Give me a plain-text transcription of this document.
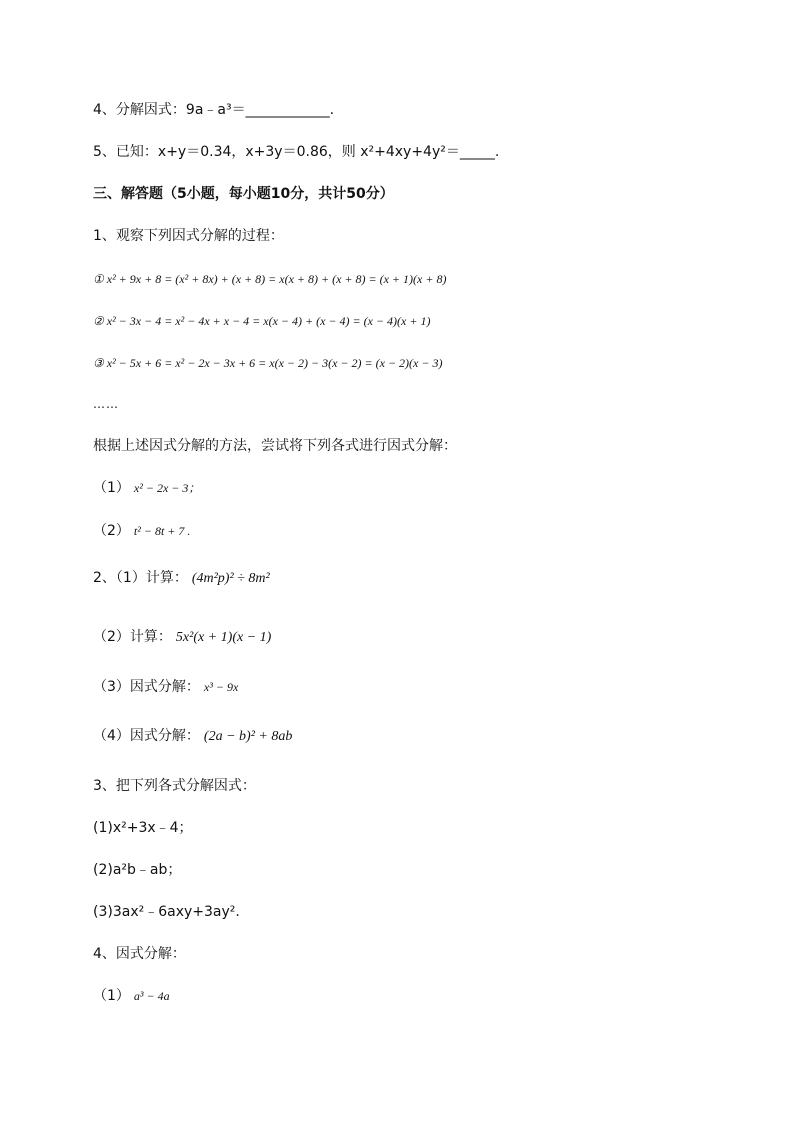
4、分解因式：9a﹣a³＝____________.
5、已知：x+y＝0.34，x+3y＝0.86，则 x²+4xy+4y²＝_____.
三、解答题（5小题，每小题10分，共计50分）
1、观察下列因式分解的过程：
① x² + 9x + 8 = (x² + 8x) + (x + 8) = x(x + 8) + (x + 8) = (x + 1)(x + 8)
② x² − 3x − 4 = x² − 4x + x − 4 = x(x − 4) + (x − 4) = (x − 4)(x + 1)
③ x² − 5x + 6 = x² − 2x − 3x + 6 = x(x − 2) − 3(x − 2) = (x − 2)(x − 3)
……
根据上述因式分解的方法，尝试将下列各式进行因式分解：
（1） x² − 2x − 3；
（2） t² − 8t + 7 .
2、（1）计算： (4m²p)² ÷ 8m²
（2）计算： 5x²(x + 1)(x − 1)
（3）因式分解： x³ − 9x
（4）因式分解： (2a − b)² + 8ab
3、把下列各式分解因式：
(1)x²+3x﹣4；
(2)a²b﹣ab；
(3)3ax²﹣6axy+3ay².
4、因式分解：
（1） a³ − 4a
